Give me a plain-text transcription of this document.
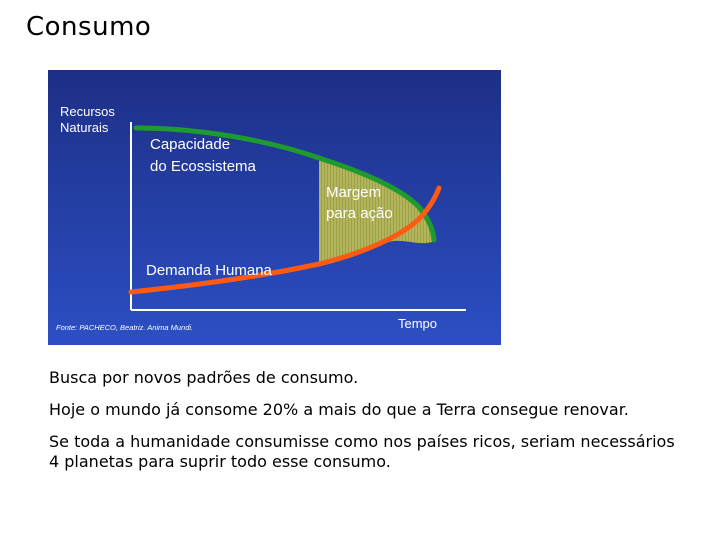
Consumo
Recursos
Naturais
Capacidade
do Ecossistema
Margem
para ação
Demanda Humana
Tempo
Fonte: PACHECO, Beatriz. Anima Mundi.

Busca por novos padrões de consumo.

Hoje o mundo já consome 20% a mais do que a Terra consegue renovar.

Se toda a humanidade consumisse como nos países ricos, seriam necessários 4 planetas para suprir todo esse consumo.
